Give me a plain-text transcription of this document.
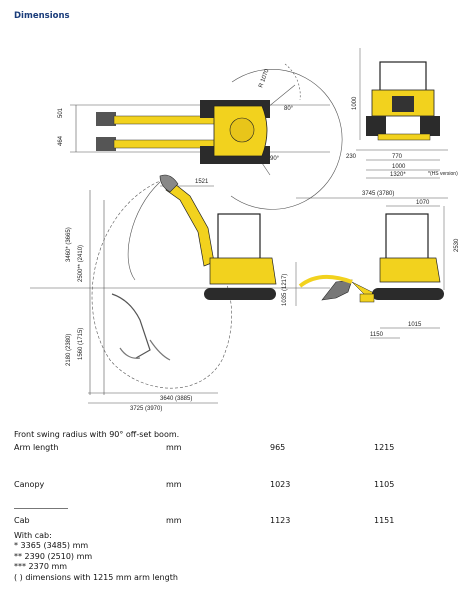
Dimensions
501
464
R 1070
80°
90°	230	770
1000
1320*
1000
*(HS version)
1521
3460* (3665)
2500** (2410)
2180 (2380) 1560 (1715)
3640 (3885)
3725 (3970)
3745 (3780)
1070
2530
1035 (1217)
1015
1150
Front swing radius with 90° off-set boom.
Arm length	mm	965	1215
Canopy	mm	1023	1105
Cab	mm	1123	1151
With cab:
* 3365 (3485) mm
** 2390 (2510) mm
*** 2370 mm
( ) dimensions with 1215 mm arm length
